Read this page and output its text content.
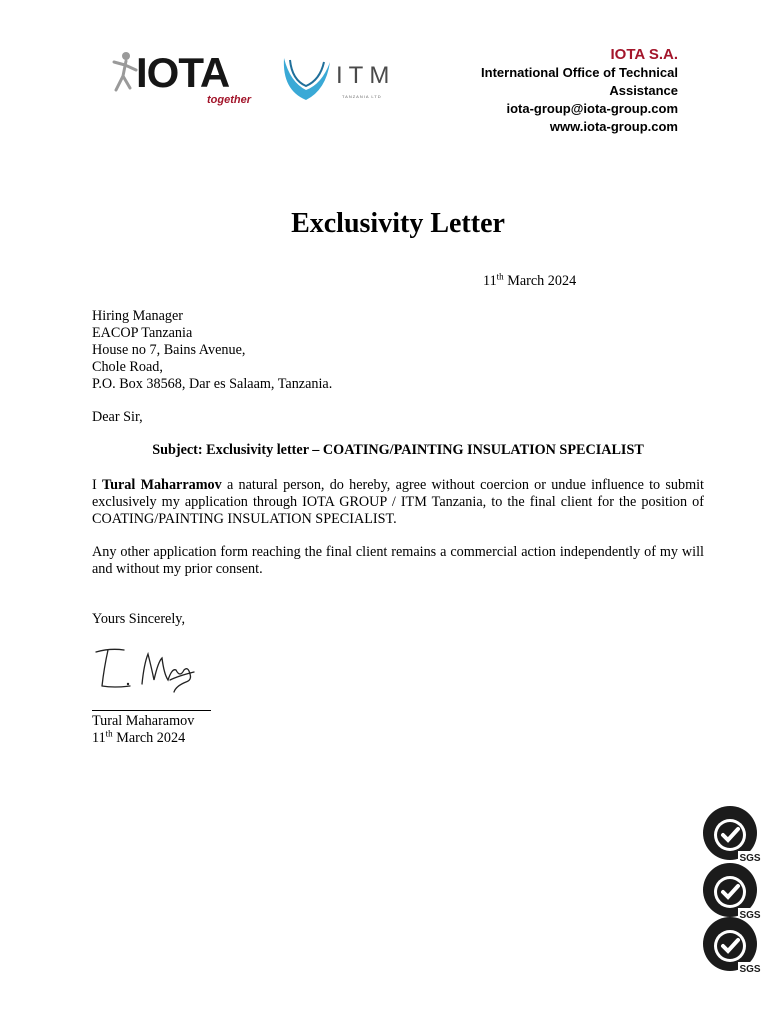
IOTA
together
ITM
TANZANIA LTD
IOTA S.A.
International Office of Technical
Assistance
iota-group@iota-group.com
www.iota-group.com
Exclusivity Letter
11th March 2024
Hiring Manager
EACOP Tanzania
House no 7, Bains Avenue,
Chole Road,
P.O. Box 38568, Dar es Salaam, Tanzania.
Dear Sir,
Subject: Exclusivity letter – COATING/PAINTING INSULATION SPECIALIST
I Tural Maharramov a natural person, do hereby, agree without coercion or undue influence to submit exclusively my application through IOTA GROUP / ITM Tanzania, to the final client for the position of COATING/PAINTING INSULATION SPECIALIST.
Any other application form reaching the final client remains a commercial action independently of my will and without my prior consent.
Yours Sincerely,
Tural Maharamov
11th March 2024
SGS
SGS
SGS
